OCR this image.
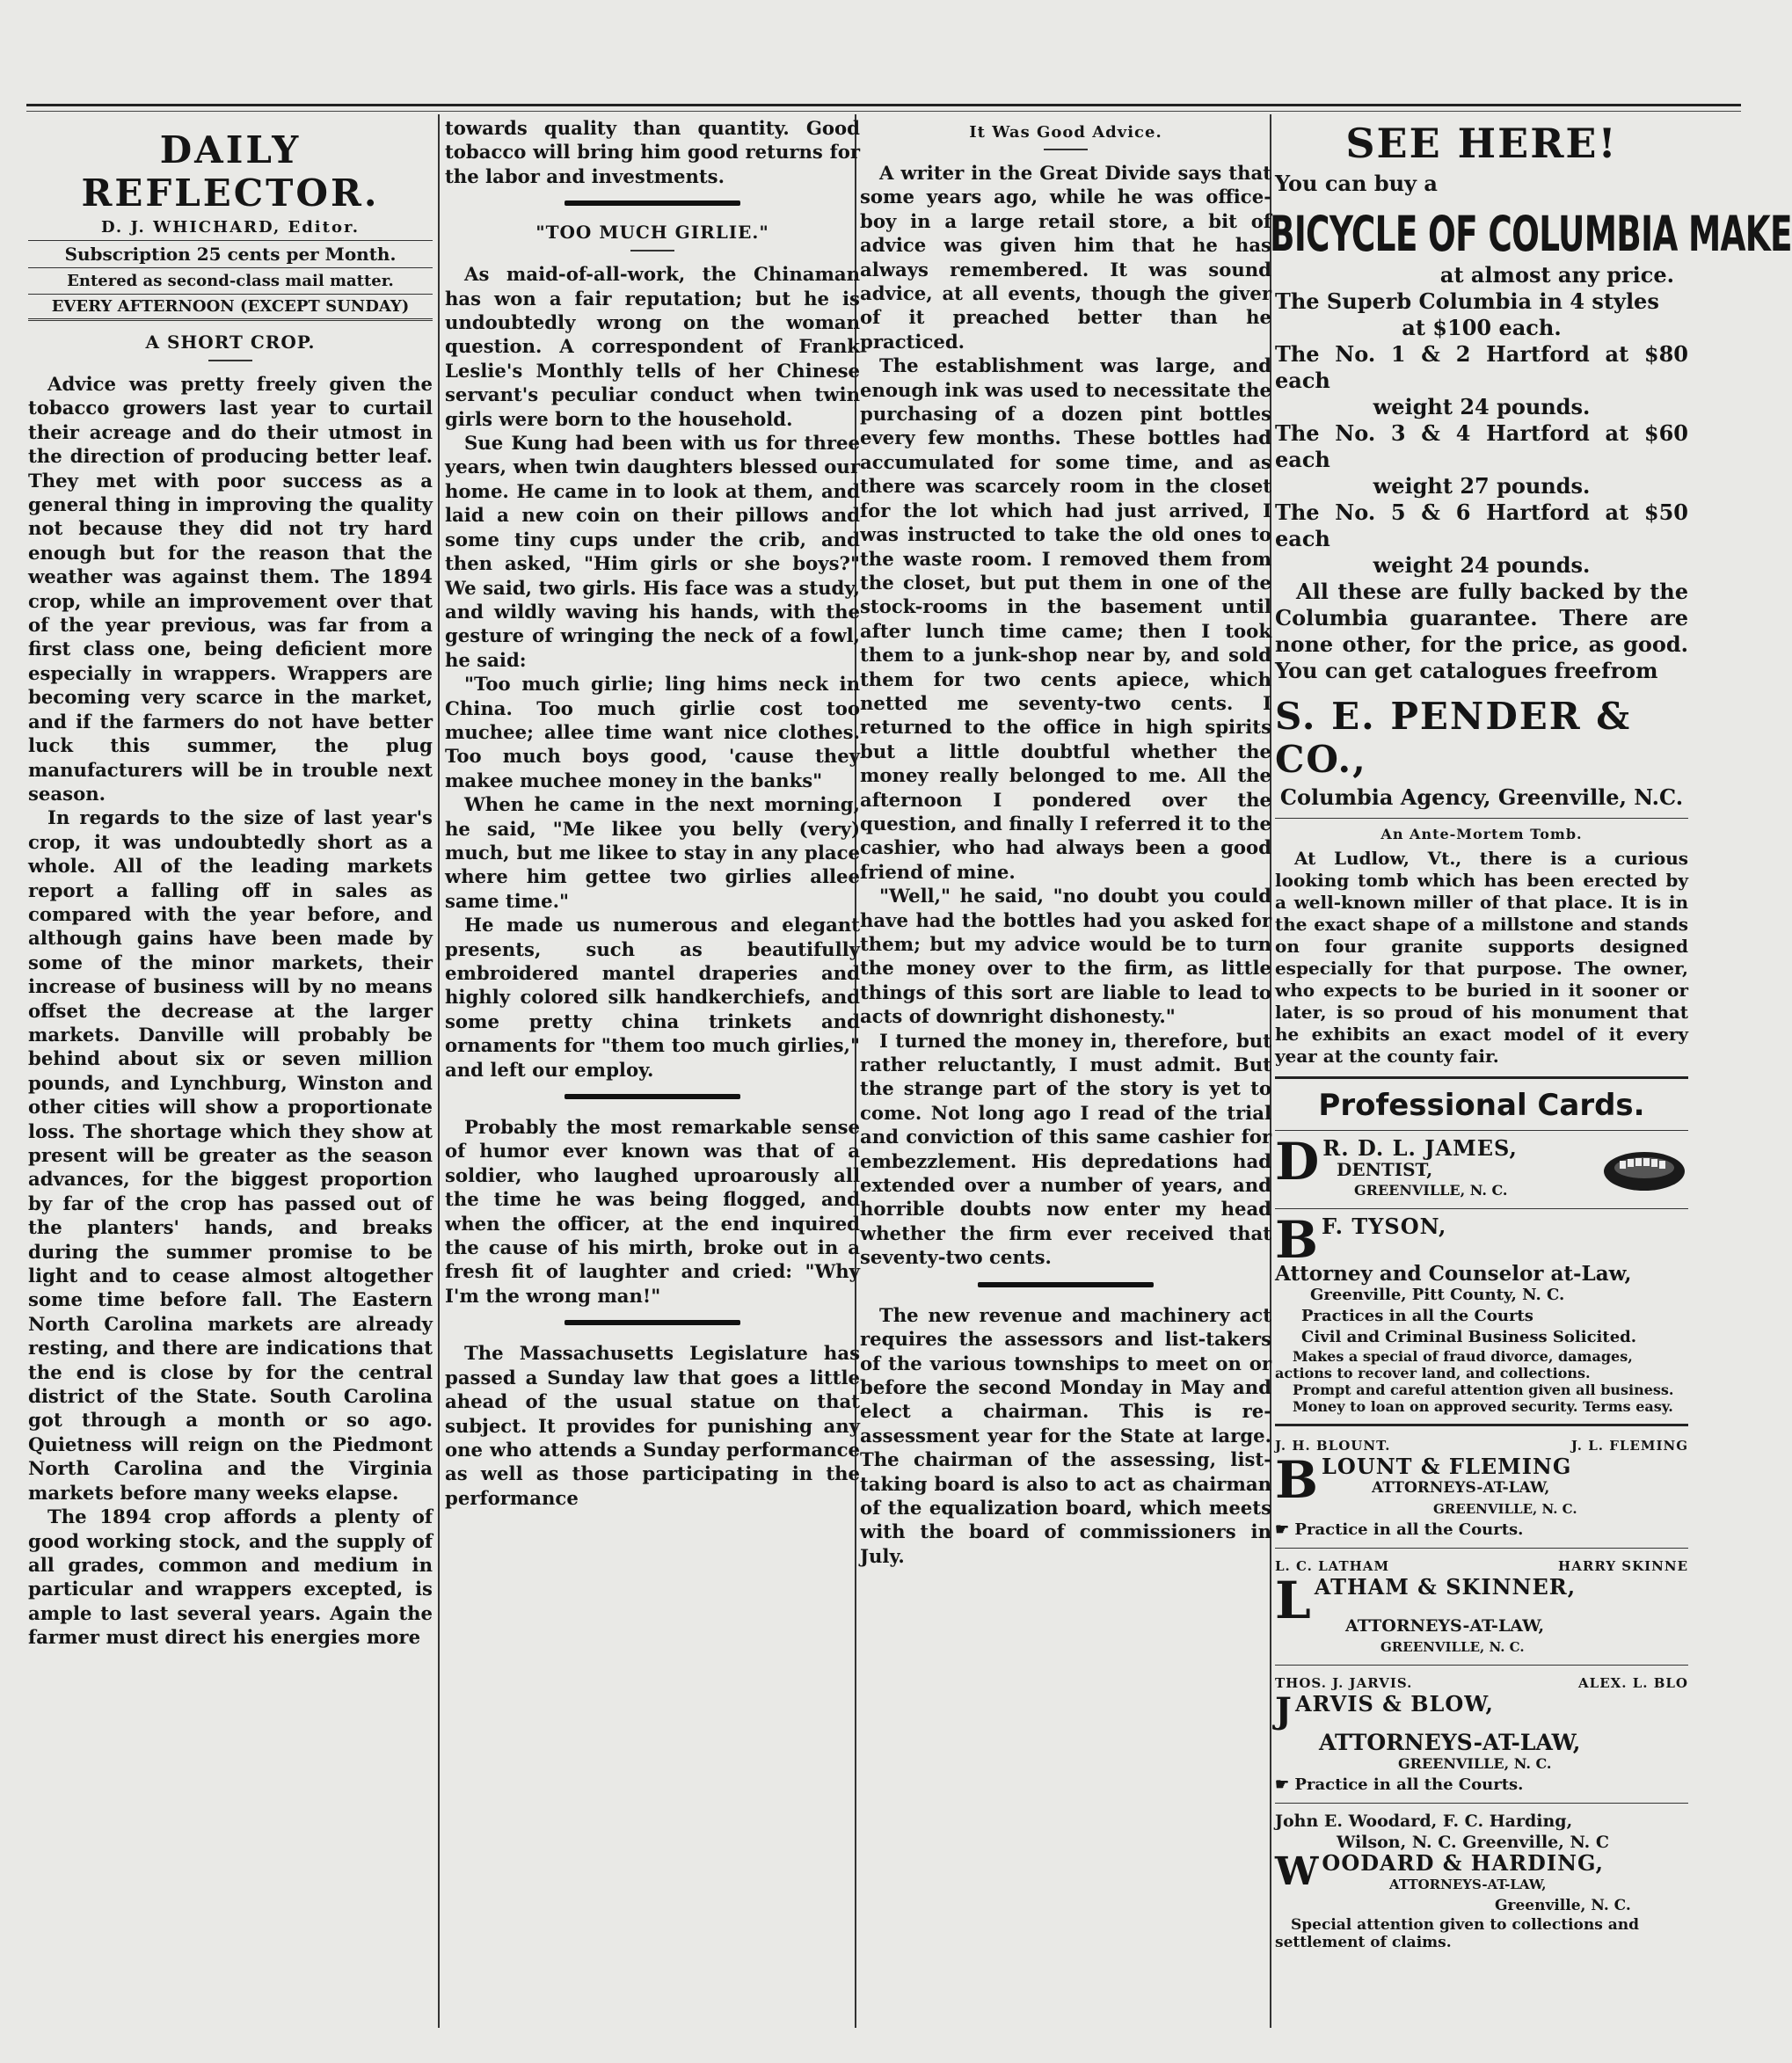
DAILY REFLECTOR.
D. J. WHICHARD, Editor.
Subscription 25 cents per Month.
Entered as second-class mail matter.
EVERY AFTERNOON (EXCEPT SUNDAY)
A SHORT CROP.

Advice was pretty freely given the tobacco growers last year to curtail their acreage and do their utmost in the direction of producing better leaf. They met with poor success as a general thing in improving the quality not because they did not try hard enough but for the reason that the weather was against them. The 1894 crop, while an improvement over that of the year previous, was far from a first class one, being deficient more especially in wrappers. Wrappers are becoming very scarce in the market, and if the farmers do not have better luck this summer, the plug manufacturers will be in trouble next season.

In regards to the size of last year's crop, it was undoubtedly short as a whole. All of the leading markets report a falling off in sales as compared with the year before, and although gains have been made by some of the minor markets, their increase of business will by no means offset the decrease at the larger markets. Danville will probably be behind about six or seven million pounds, and Lynchburg, Winston and other cities will show a proportionate loss. The shortage which they show at present will be greater as the season advances, for the biggest proportion by far of the crop has passed out of the planters' hands, and breaks during the summer promise to be light and to cease almost altogether some time before fall. The Eastern North Carolina markets are already resting, and there are indications that the end is close by for the central district of the State. South Carolina got through a month or so ago. Quietness will reign on the Piedmont North Carolina and the Virginia markets before many weeks elapse.

The 1894 crop affords a plenty of good working stock, and the supply of all grades, common and medium in particular and wrappers excepted, is ample to last several years. Again the farmer must direct his energies more

towards quality than quantity. Good tobacco will bring him good returns for the labor and investments.

"TOO MUCH GIRLIE."

As maid-of-all-work, the Chinaman has won a fair reputation; but he is undoubtedly wrong on the woman question. A correspondent of Frank Leslie's Monthly tells of her Chinese servant's peculiar conduct when twin girls were born to the household.

Sue Kung had been with us for three years, when twin daughters blessed our home. He came in to look at them, and laid a new coin on their pillows and some tiny cups under the crib, and then asked, "Him girls or she boys?" We said, two girls. His face was a study, and wildly waving his hands, with the gesture of wringing the neck of a fowl, he said:

"Too much girlie; ling hims neck in China. Too much girlie cost too muchee; allee time want nice clothes. Too much boys good, 'cause they makee muchee money in the banks"

When he came in the next morning, he said, "Me likee you belly (very) much, but me likee to stay in any place where him gettee two girlies allee same time."

He made us numerous and elegant presents, such as beautifully embroidered mantel draperies and highly colored silk handkerchiefs, and some pretty china trinkets and ornaments for "them too much girlies," and left our employ.

Probably the most remarkable sense of humor ever known was that of a soldier, who laughed uproarously all the time he was being flogged, and when the officer, at the end inquired the cause of his mirth, broke out in a fresh fit of laughter and cried: "Why I'm the wrong man!"

The Massachusetts Legislature has passed a Sunday law that goes a little ahead of the usual statue on that subject. It provides for punishing any one who attends a Sunday performance as well as those participating in the performance

It Was Good Advice.

A writer in the Great Divide says that some years ago, while he was office-boy in a large retail store, a bit of advice was given him that he has always remembered. It was sound advice, at all events, though the giver of it preached better than he practiced.

The establishment was large, and enough ink was used to necessitate the purchasing of a dozen pint bottles every few months. These bottles had accumulated for some time, and as there was scarcely room in the closet for the lot which had just arrived, I was instructed to take the old ones to the waste room. I removed them from the closet, but put them in one of the stock-rooms in the basement until after lunch time came; then I took them to a junk-shop near by, and sold them for two cents apiece, which netted me seventy-two cents. I returned to the office in high spirits but a little doubtful whether the money really belonged to me. All the afternoon I pondered over the question, and finally I referred it to the cashier, who had always been a good friend of mine.

"Well," he said, "no doubt you could have had the bottles had you asked for them; but my advice would be to turn the money over to the firm, as little things of this sort are liable to lead to acts of downright dishonesty."

I turned the money in, therefore, but rather reluctantly, I must admit. But the strange part of the story is yet to come. Not long ago I read of the trial and conviction of this same cashier for embezzlement. His depredations had extended over a number of years, and horrible doubts now enter my head whether the firm ever received that seventy-two cents.

The new revenue and machinery act requires the assessors and list-takers of the various townships to meet on or before the second Monday in May and elect a chairman. This is re-assessment year for the State at large. The chairman of the assessing, list-taking board is also to act as chairman of the equalization board, which meets with the board of commissioners in July.

SEE HERE!

You can buy a

BICYCLE OF COLUMBIA MAKE

at almost any price.

The Superb Columbia in 4 styles

at $100 each.

The No. 1 & 2 Hartford at $80 each

weight 24 pounds.

The No. 3 & 4 Hartford at $60 each

weight 27 pounds.

The No. 5 & 6 Hartford at $50 each

weight 24 pounds.

All these are fully backed by the Columbia guarantee. There are none other, for the price, as good. You can get catalogues freefrom

S. E. PENDER & CO.,

Columbia Agency, Greenville, N.C.

An Ante-Mortem Tomb.

At Ludlow, Vt., there is a curious looking tomb which has been erected by a well-known miller of that place. It is in the exact shape of a millstone and stands on four granite supports designed especially for that purpose. The owner, who expects to be buried in it sooner or later, is so proud of his monument that he exhibits an exact model of it every year at the county fair.

Professional Cards.
D R. D. L. JAMES,
DENTIST,
GREENVILLE, N. C.
B F. TYSON,
Attorney and Counselor at-Law,
Greenville, Pitt County, N. C.
Practices in all the Courts
Civil and Criminal Business Solicited.
Makes a special of fraud divorce, damages, actions to recover land, and collections.
Prompt and careful attention given all business.
Money to loan on approved security. Terms easy.
J. H. BLOUNT.	J. L. FLEMING
B LOUNT & FLEMING
ATTORNEYS-AT-LAW,
GREENVILLE, N. C.
☛ Practice in all the Courts.
L. C. LATHAM	HARRY SKINNE
L ATHAM & SKINNER,
ATTORNEYS-AT-LAW,
GREENVILLE, N. C.
THOS. J. JARVIS.	ALEX. L. BLO
J ARVIS & BLOW,
ATTORNEYS-AT-LAW,
GREENVILLE, N. C.
☛ Practice in all the Courts.
John E. Woodard, F. C. Harding,
Wilson, N. C. Greenville, N. C
W OODARD & HARDING,
ATTORNEYS-AT-LAW,
Greenville, N. C.
Special attention given to collections and settlement of claims.
